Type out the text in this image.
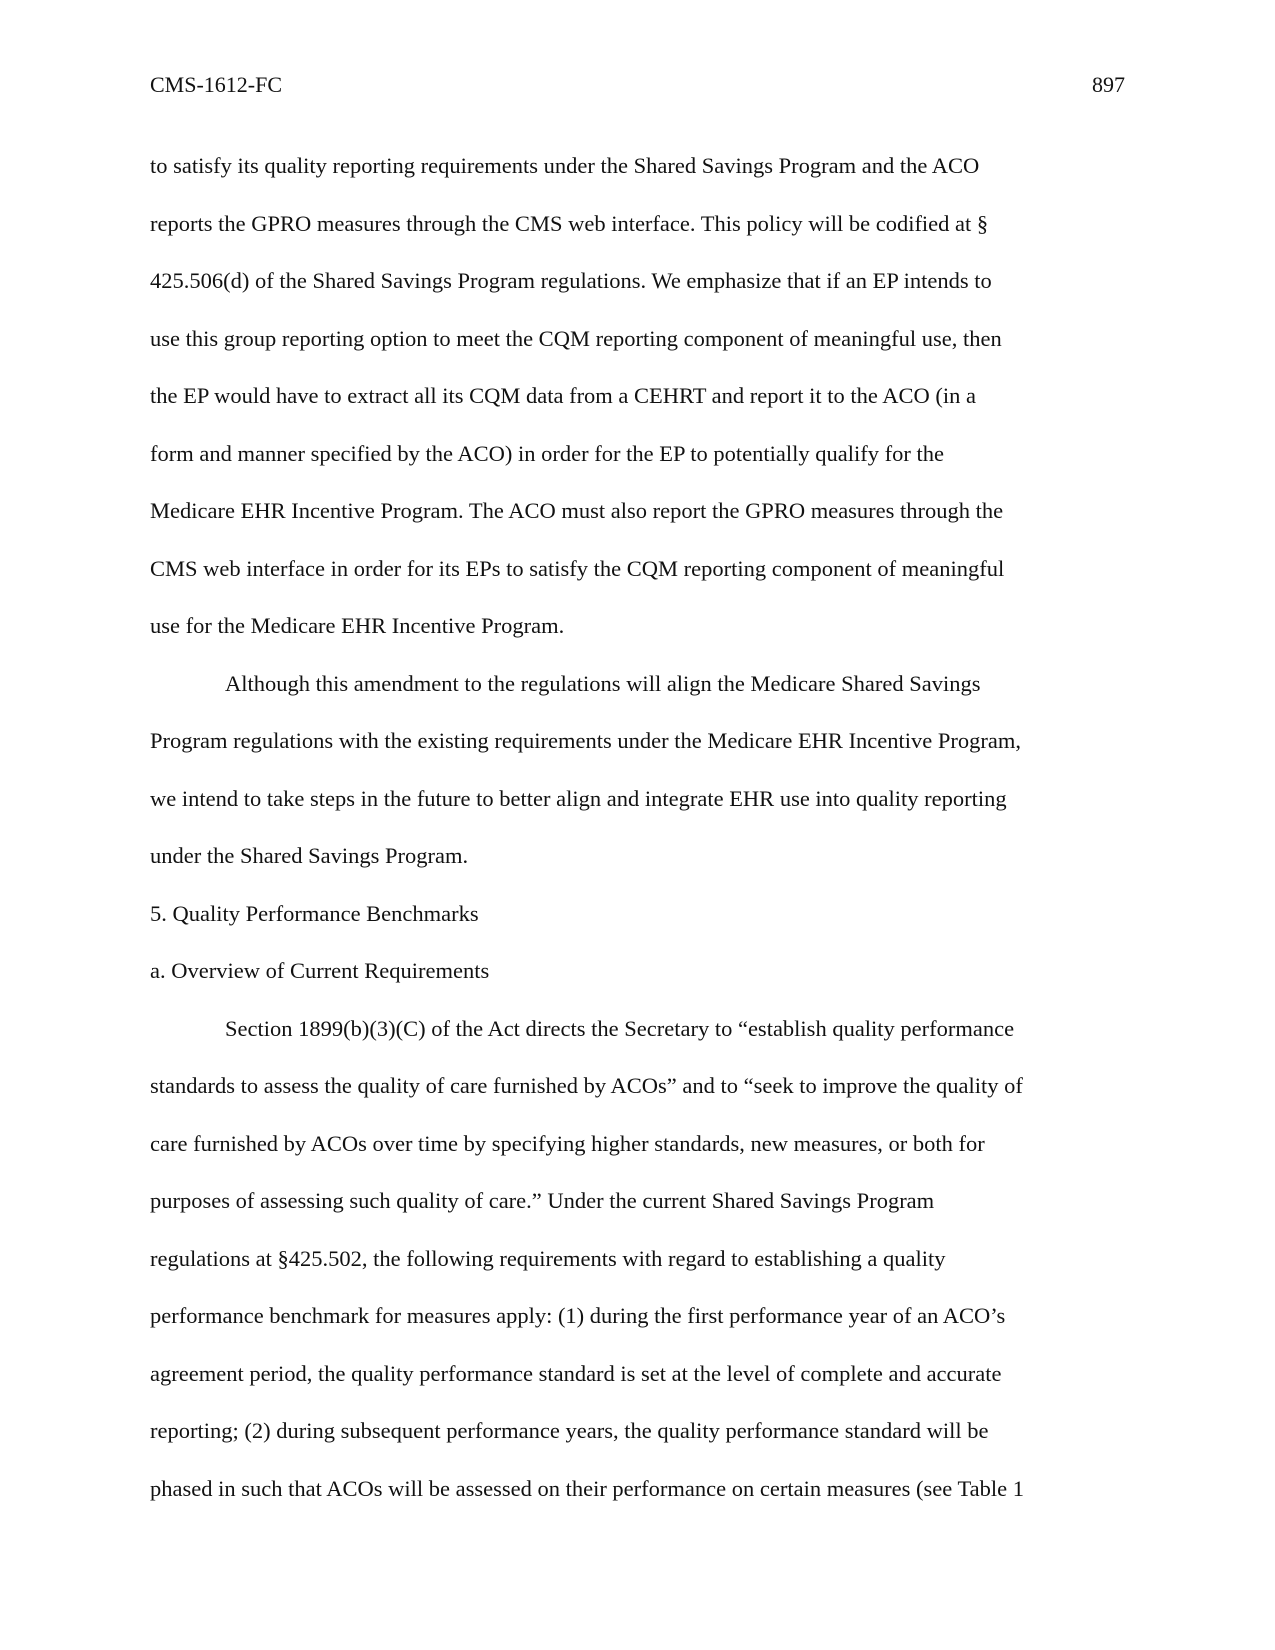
CMS-1612-FC	897
to satisfy its quality reporting requirements under the Shared Savings Program and the ACO
reports the GPRO measures through the CMS web interface. This policy will be codified at §
425.506(d) of the Shared Savings Program regulations. We emphasize that if an EP intends to
use this group reporting option to meet the CQM reporting component of meaningful use, then
the EP would have to extract all its CQM data from a CEHRT and report it to the ACO (in a
form and manner specified by the ACO) in order for the EP to potentially qualify for the
Medicare EHR Incentive Program. The ACO must also report the GPRO measures through the
CMS web interface in order for its EPs to satisfy the CQM reporting component of meaningful
use for the Medicare EHR Incentive Program.
Although this amendment to the regulations will align the Medicare Shared Savings
Program regulations with the existing requirements under the Medicare EHR Incentive Program,
we intend to take steps in the future to better align and integrate EHR use into quality reporting
under the Shared Savings Program.
5. Quality Performance Benchmarks
a. Overview of Current Requirements
Section 1899(b)(3)(C) of the Act directs the Secretary to “establish quality performance
standards to assess the quality of care furnished by ACOs” and to “seek to improve the quality of
care furnished by ACOs over time by specifying higher standards, new measures, or both for
purposes of assessing such quality of care.” Under the current Shared Savings Program
regulations at §425.502, the following requirements with regard to establishing a quality
performance benchmark for measures apply: (1) during the first performance year of an ACO’s
agreement period, the quality performance standard is set at the level of complete and accurate
reporting; (2) during subsequent performance years, the quality performance standard will be
phased in such that ACOs will be assessed on their performance on certain measures (see Table 1
